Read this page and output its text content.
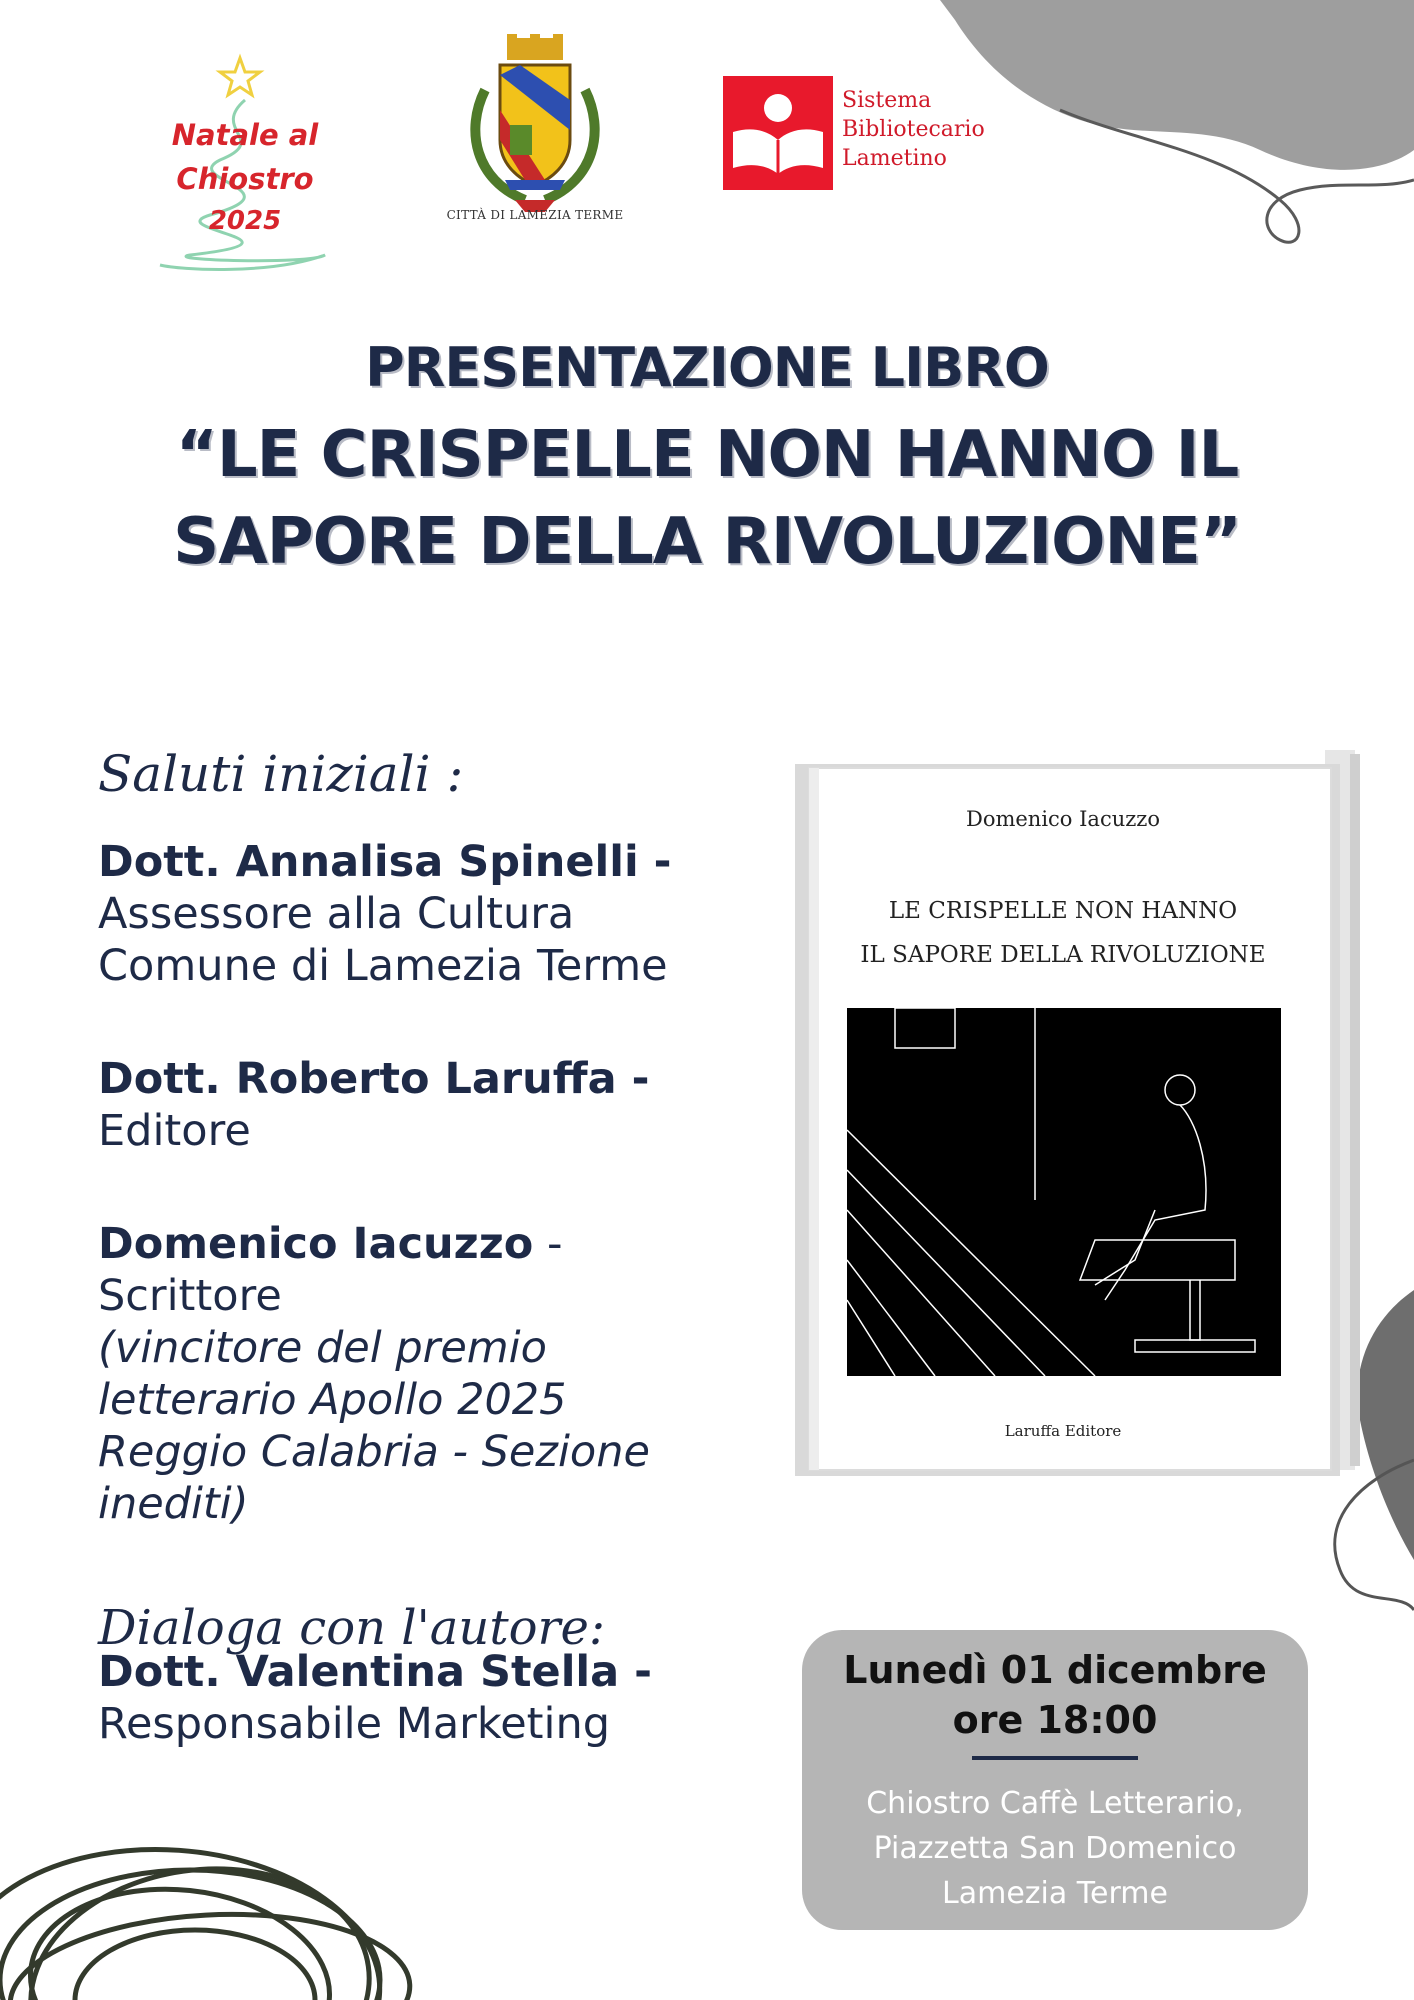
Natale al
Chiostro
2025	CITTÀ DI LAMEZIA TERME
Sistema
Bibliotecario
Lametino
PRESENTAZIONE LIBRO
“LE CRISPELLE NON HANNO IL
SAPORE DELLA RIVOLUZIONE”
Saluti iniziali :
Dott. Annalisa Spinelli -
Assessore alla Cultura
Comune di Lamezia Terme
Dott. Roberto Laruffa -
Editore
Domenico Iacuzzo -
Scrittore
(vincitore del premio
letterario Apollo 2025
Reggio Calabria - Sezione
inediti)
Dialoga con l'autore:
Dott. Valentina Stella -
Responsabile Marketing
Domenico Iacuzzo
LE CRISPELLE NON HANNO
IL SAPORE DELLA RIVOLUZIONE
Laruffa Editore
Lunedì 01 dicembre
ore 18:00
Chiostro Caffè Letterario,
Piazzetta San Domenico
Lamezia Terme
